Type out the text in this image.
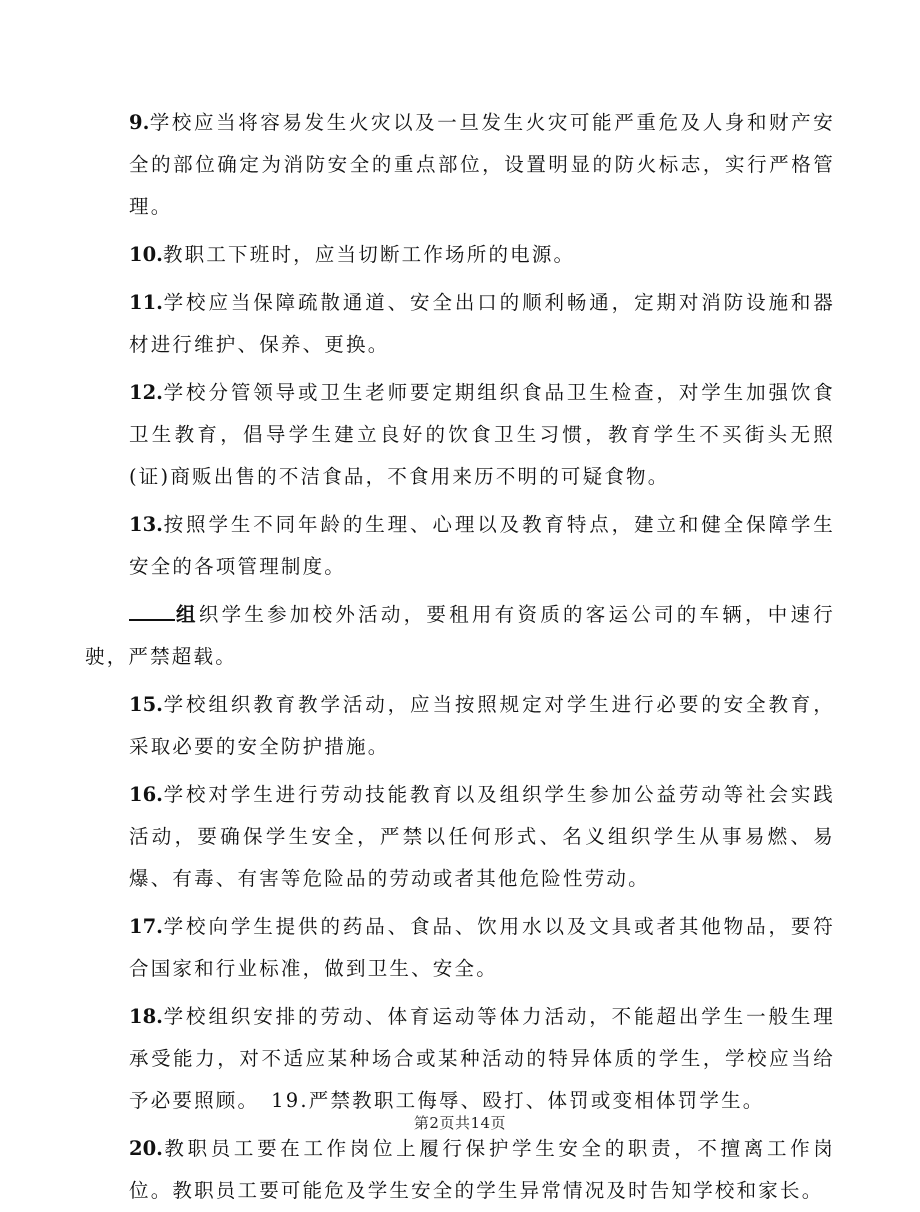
9.学校应当将容易发生火灾以及一旦发生火灾可能严重危及人身和财产安全的部位确定为消防安全的重点部位，设置明显的防火标志，实行严格管理。

10.教职工下班时，应当切断工作场所的电源。

11.学校应当保障疏散通道、安全出口的顺利畅通，定期对消防设施和器材进行维护、保养、更换。

12.学校分管领导或卫生老师要定期组织食品卫生检查，对学生加强饮食卫生教育，倡导学生建立良好的饮食卫生习惯，教育学生不买街头无照(证)商贩出售的不洁食品，不食用来历不明的可疑食物。

13.按照学生不同年龄的生理、心理以及教育特点，建立和健全保障学生安全的各项管理制度。

组织学生参加校外活动，要租用有资质的客运公司的车辆，中速行驶，严禁超载。

15.学校组织教育教学活动，应当按照规定对学生进行必要的安全教育，采取必要的安全防护措施。

16.学校对学生进行劳动技能教育以及组织学生参加公益劳动等社会实践活动，要确保学生安全，严禁以任何形式、名义组织学生从事易燃、易爆、有毒、有害等危险品的劳动或者其他危险性劳动。

17.学校向学生提供的药品、食品、饮用水以及文具或者其他物品，要符合国家和行业标准，做到卫生、安全。

18.学校组织安排的劳动、体育运动等体力活动，不能超出学生一般生理承受能力，对不适应某种场合或某种活动的特异体质的学生，学校应当给予必要照顾。　19.严禁教职工侮辱、殴打、体罚或变相体罚学生。

20.教职员工要在工作岗位上履行保护学生安全的职责，不擅离工作岗位。教职员工要可能危及学生安全的学生异常情况及时告知学校和家长。

第2页共14页
